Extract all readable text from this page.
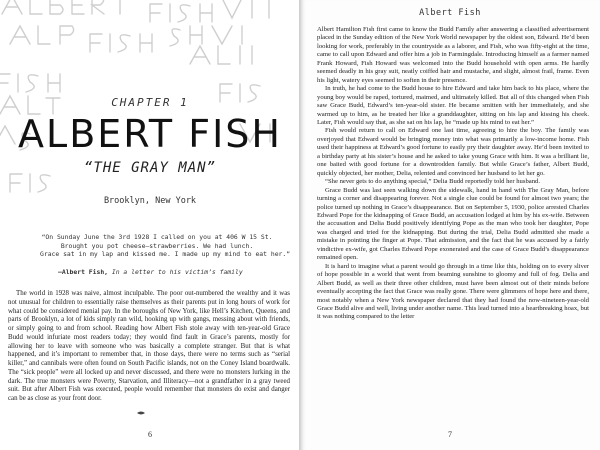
CHAPTER 1
ALBERT FISH
“THE GRAY MAN”
Brooklyn, New York
“On Sunday June the 3rd 1928 I called on you at 406 W 15 St.
Brought you pot cheese—strawberries. We had lunch.
Grace sat in my lap and kissed me. I made up my mind to eat her.”
—Albert Fish, In a letter to his victim’s family

The world in 1928 was naive, almost inculpable. The poor out-numbered the wealthy and it was not unusual for children to essentially raise themselves as their parents put in long hours of work for what could be considered menial pay. In the boroughs of New York, like Hell’s Kitchen, Queens, and parts of Brooklyn, a lot of kids simply ran wild, hooking up with gangs, messing about with friends, or simply going to and from school. Reading how Albert Fish stole away with ten-year-old Grace Budd would infuriate most readers today; they would find fault in Grace’s parents, mostly for allowing her to leave with someone who was basically a complete stranger. But that is what happened, and it’s important to remember that, in those days, there were no terms such as “serial killer,” and cannibals were often found on South Pacific islands, not on the Coney Island boardwalk. The “sick people” were all locked up and never discussed, and there were no monsters lurking in the dark. The true monsters were Poverty, Starvation, and Illiteracy—not a grandfather in a gray tweed suit. But after Albert Fish was executed, people would remember that monsters do exist and danger can be as close as your front door.

6
Albert Fish

Albert Hamilton Fish first came to know the Budd Family after answering a classified advertisement placed in the Sunday edition of the New York World newspaper by the oldest son, Edward. He’d been looking for work, preferably in the countryside as a laborer, and Fish, who was fifty-eight at the time, came to call upon Edward and offer him a job in Farmingdale. Introducing himself as a farmer named Frank Howard, Fish Howard was welcomed into the Budd household with open arms. He hardly seemed deadly in his gray suit, neatly coiffed hair and mustache, and slight, almost frail, frame. Even his light, watery eyes seemed to soften in their presence.

In truth, he had come to the Budd house to hire Edward and take him back to his place, where the young boy would be raped, tortured, maimed, and ultimately killed. But all of this changed when Fish saw Grace Budd, Edward’s ten-year-old sister. He became smitten with her immediately, and she warmed up to him, as he treated her like a granddaughter, sitting on his lap and kissing his cheek. Later, Fish would say that, as she sat on his lap, he “made up his mind to eat her.”

Fish would return to call on Edward one last time, agreeing to hire the boy. The family was overjoyed that Edward would be bringing money into what was primarily a low-income home. Fish used their happiness at Edward’s good fortune to easily pry their daughter away. He’d been invited to a birthday party at his sister’s house and he asked to take young Grace with him. It was a brilliant lie, one baited with good fortune for a downtrodden family. But while Grace’s father, Albert Budd, quickly objected, her mother, Delia, relented and convinced her husband to let her go.

“She never gets to do anything special,” Delia Budd reportedly told her husband.

Grace Budd was last seen walking down the sidewalk, hand in hand with The Gray Man, before turning a corner and disappearing forever. Not a single clue could be found for almost two years; the police turned up nothing in Grace’s disappearance. But on September 5, 1930, police arrested Charles Edward Pope for the kidnapping of Grace Budd, an accusation lodged at him by his ex-wife. Between the accusation and Delia Budd positively identifying Pope as the man who took her daughter, Pope was charged and tried for the kidnapping. But during the trial, Delia Budd admitted she made a mistake in pointing the finger at Pope. That admission, and the fact that he was accused by a fairly vindictive ex-wife, got Charles Edward Pope exonerated and the case of Grace Budd’s disappearance remained open.

It is hard to imagine what a parent would go through in a time like this, holding on to every sliver of hope possible in a world that went from beaming sunshine to gloomy and full of fog. Delia and Albert Budd, as well as their three other children, must have been almost out of their minds before eventually accepting the fact that Grace was really gone. There were glimmers of hope here and there, most notably when a New York newspaper declared that they had found the now-nineteen-year-old Grace Budd alive and well, living under another name. This lead turned into a heartbreaking hoax, but it was nothing compared to the letter

7
